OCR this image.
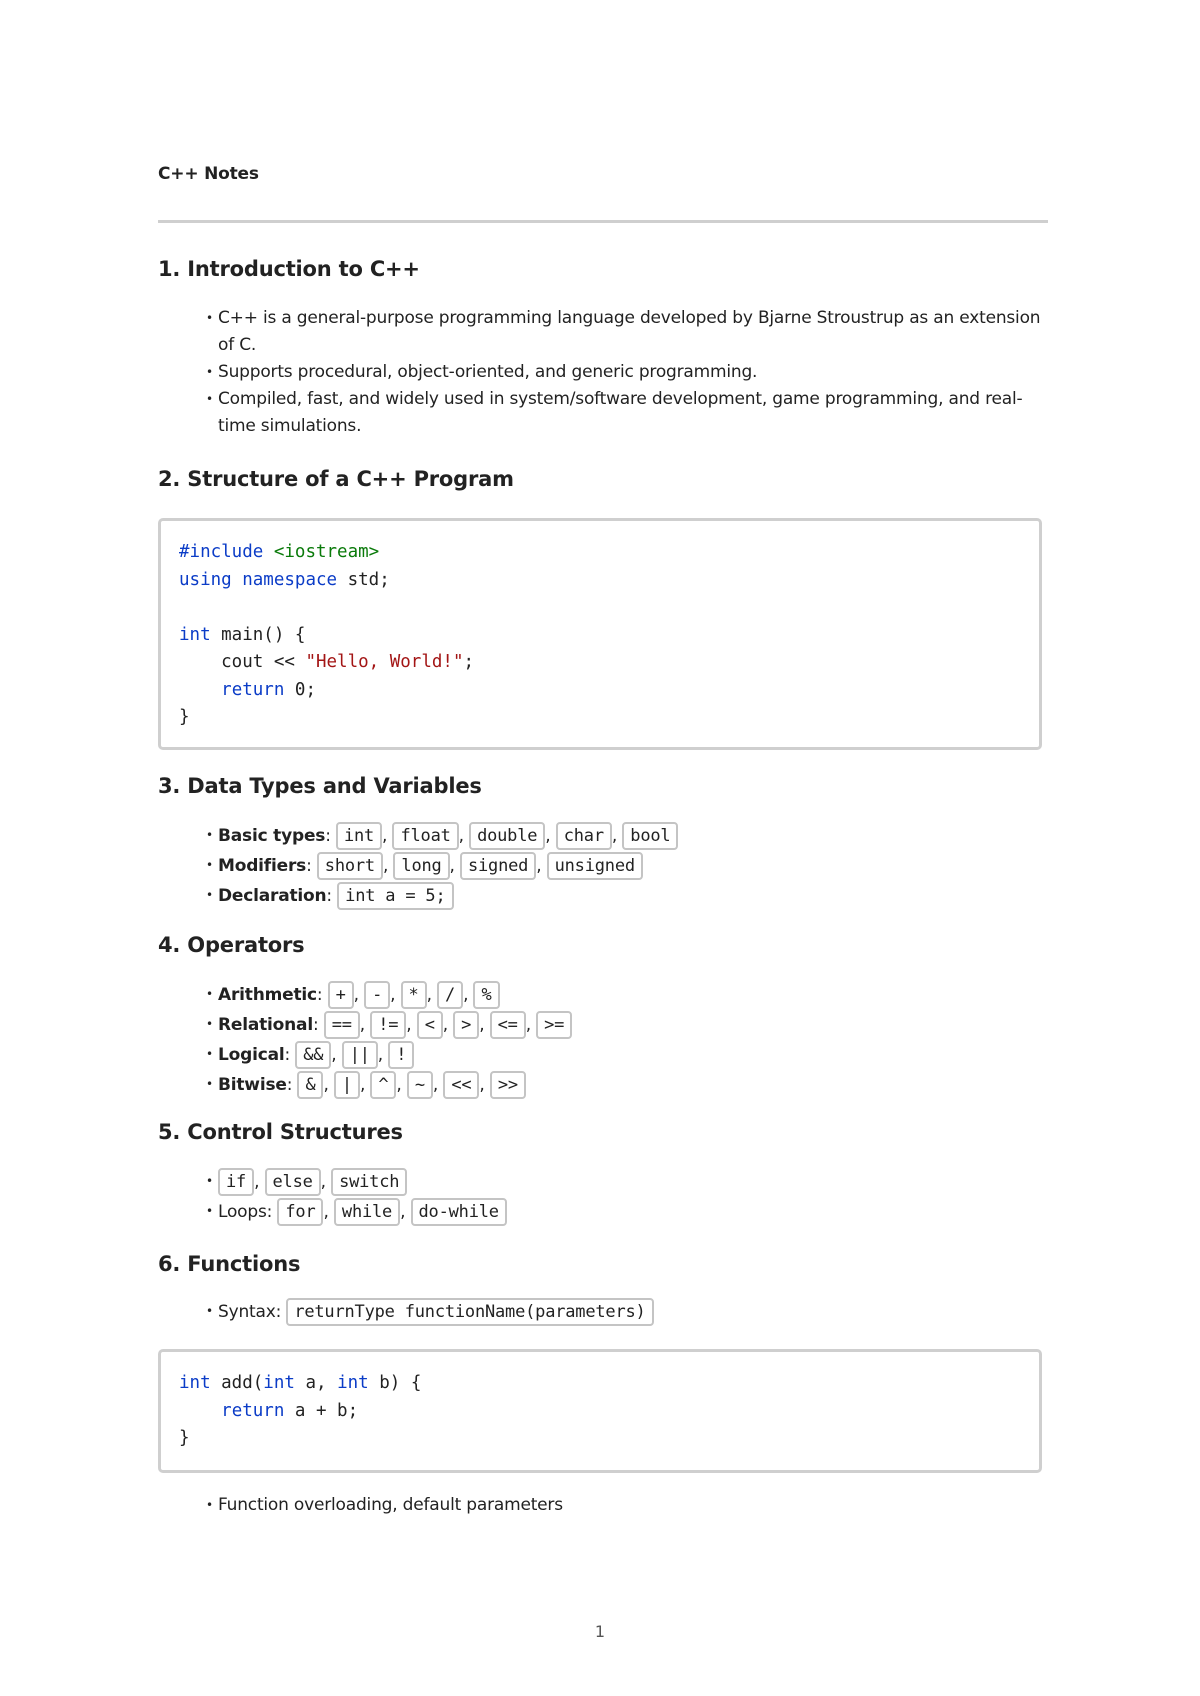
C++ Notes
1. Introduction to C++
• C++ is a general-purpose programming language developed by Bjarne Stroustrup as an extension of C.
• Supports procedural, object-oriented, and generic programming.
• Compiled, fast, and widely used in system/software development, game programming, and real-time simulations.
2. Structure of a C++ Program
#include <iostream>
using namespace std;
int main() {
cout << "Hello, World!";
return 0;
}
3. Data Types and Variables
• Basic types: int , float , double , char , bool
• Modifiers: short , long , signed , unsigned
• Declaration: int a = 5;
4. Operators
• Arithmetic: + , - , * , / , %
• Relational: == , != , < , > , <= , >=
• Logical: && , || , !
• Bitwise: & , | , ^ , ~ , << , >>
5. Control Structures
• if , else , switch
• Loops: for , while , do-while
6. Functions
• Syntax: returnType functionName(parameters)
int add(int a, int b) {
return a + b;
}
• Function overloading, default parameters
1
